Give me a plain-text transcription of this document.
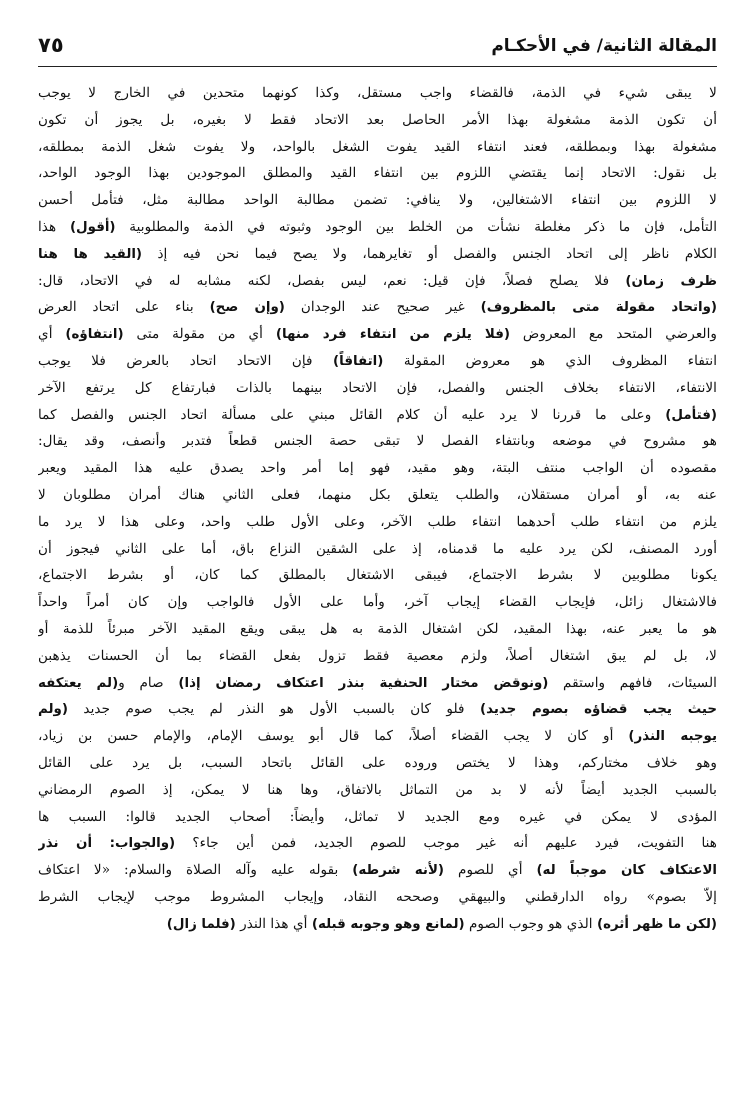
المقالة الثانية/ في الأحكـام
٧٥
لا يبقى شيء في الذمة، فالقضاء واجب مستقل، وكذا كونهما متحدين في الخارج لا يوجب
أن تكون الذمة مشغولة بهذا الأمر الحاصل بعد الاتحاد فقط لا بغيره، بل يجوز أن تكون
مشغولة بهذا وبمطلقه، فعند انتفاء القيد يفوت الشغل بالواحد، ولا يفوت شغل الذمة بمطلقه،
بل نقول: الاتحاد إنما يقتضي اللزوم بين انتفاء القيد والمطلق الموجودين بهذا الوجود الواحد،
لا اللزوم بين انتفاء الاشتغالين، ولا ينافي: تضمن مطالبة الواحد مطالبة مثل، فتأمل أحسن
التأمل، فإن ما ذكر مغلطة نشأت من الخلط بين الوجود وثبوته في الذمة والمطلوبية (أقول) هذا
الكلام ناظر إلى اتحاد الجنس والفصل أو تغايرهما، ولا يصح فيما نحن فيه إذ (القيد ها هنا
ظرف زمان) فلا يصلح فصلاً، فإن قيل: نعم، ليس بفصل، لكنه مشابه له في الاتحاد، قال:
(واتحاد مقولة متى بالمظروف) غير صحيح عند الوجدان (وإن صح) بناء على اتحاد العرض
والعرضي المتحد مع المعروض (فلا يلزم من انتفاء فرد منها) أي من مقولة متى (انتفاؤه) أي
انتفاء المظروف الذي هو معروض المقولة (اتفاقاً) فإن الاتحاد اتحاد بالعرض فلا يوجب
الانتفاء، الانتفاء بخلاف الجنس والفصل، فإن الاتحاد بينهما بالذات فبارتفاع كل يرتفع الآخر
(فتأمل) وعلى ما قررنا لا يرد عليه أن كلام القائل مبني على مسألة اتحاد الجنس والفصل كما
هو مشروح في موضعه وبانتفاء الفصل لا تبقى حصة الجنس قطعاً فتدبر وأنصف، وقد يقال:
مقصوده أن الواجب منتف البتة، وهو مقيد، فهو إما أمر واحد يصدق عليه هذا المقيد ويعبر
عنه به، أو أمران مستقلان، والطلب يتعلق بكل منهما، فعلى الثاني هناك أمران مطلوبان لا
يلزم من انتفاء طلب أحدهما انتفاء طلب الآخر، وعلى الأول طلب واحد، وعلى هذا لا يرد ما
أورد المصنف، لكن يرد عليه ما قدمناه، إذ على الشقين النزاع باق، أما على الثاني فيجوز أن
يكونا مطلوبين لا بشرط الاجتماع، فيبقى الاشتغال بالمطلق كما كان، أو بشرط الاجتماع،
فالاشتغال زائل، فإيجاب القضاء إيجاب آخر، وأما على الأول فالواجب وإن كان أمراً واحداً
هو ما يعبر عنه، بهذا المقيد، لكن اشتغال الذمة به هل يبقى ويقع المقيد الآخر مبرئاً للذمة أو
لا، بل لم يبق اشتغال أصلاً، ولزم معصية فقط تزول بفعل القضاء بما أن الحسنات يذهبن
السيئات، فافهم واستقم (ونوقض مختار الحنفية بنذر اعتكاف رمضان إذا) صام و(لم يعتكفه
حيث يجب قضاؤه بصوم جديد) فلو كان بالسبب الأول هو النذر لم يجب صوم جديد (ولم
يوجبه النذر) أو كان لا يجب القضاء أصلاً، كما قال أبو يوسف الإمام، والإمام حسن بن زياد،
وهو خلاف مختاركم، وهذا لا يختص وروده على القائل باتحاد السبب، بل يرد على القائل
بالسبب الجديد أيضاً لأنه لا بد من التماثل بالاتفاق، وها هنا لا يمكن، إذ الصوم الرمضاني
المؤدى لا يمكن في غيره ومع الجديد لا تماثل، وأيضاً: أصحاب الجديد قالوا: السبب ها
هنا التفويت، فيرد عليهم أنه غير موجب للصوم الجديد، فمن أين جاء؟ (والجواب: أن نذر
الاعتكاف كان موجباً له) أي للصوم (لأنه شرطه) بقوله عليه وآله الصلاة والسلام: «لا اعتكاف
إلاّ بصوم» رواه الدارقطني والبيهقي وصححه النقاد، وإيجاب المشروط موجب لإيجاب الشرط
(لكن ما ظهر أثره) الذي هو وجوب الصوم (لمانع وهو وجوبه قبله) أي هذا النذر (فلما زال)
